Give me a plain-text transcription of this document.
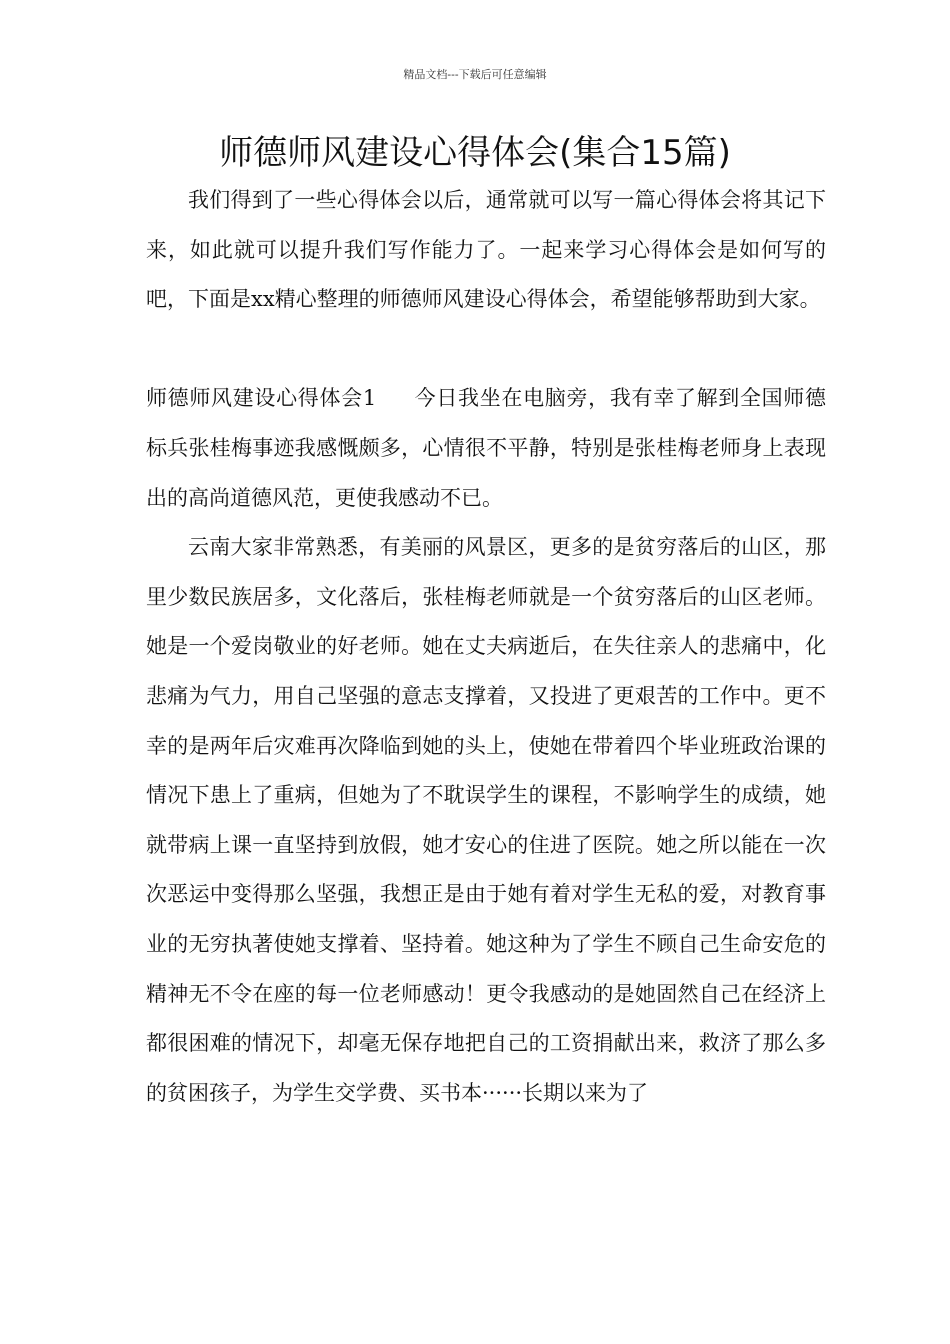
精品文档---下载后可任意编辑
师德师风建设心得体会(集合15篇)

我们得到了一些心得体会以后，通常就可以写一篇心得体会将其记下来，如此就可以提升我们写作能力了。一起来学习心得体会是如何写的吧，下面是xx精心整理的师德师风建设心得体会，希望能够帮助到大家。

师德师风建设心得体会1 今日我坐在电脑旁，我有幸了解到全国师德标兵张桂梅事迹我感慨颇多，心情很不平静，特别是张桂梅老师身上表现出的高尚道德风范，更使我感动不已。

云南大家非常熟悉，有美丽的风景区，更多的是贫穷落后的山区，那里少数民族居多，文化落后，张桂梅老师就是一个贫穷落后的山区老师。她是一个爱岗敬业的好老师。她在丈夫病逝后，在失往亲人的悲痛中，化悲痛为气力，用自己坚强的意志支撑着，又投进了更艰苦的工作中。更不幸的是两年后灾难再次降临到她的头上，使她在带着四个毕业班政治课的情况下患上了重病，但她为了不耽误学生的课程，不影响学生的成绩，她就带病上课一直坚持到放假，她才安心的住进了医院。她之所以能在一次次恶运中变得那么坚强，我想正是由于她有着对学生无私的爱，对教育事业的无穷执著使她支撑着、坚持着。她这种为了学生不顾自己生命安危的精神无不令在座的每一位老师感动！更令我感动的是她固然自己在经济上都很困难的情况下，却毫无保存地把自己的工资捐献出来，救济了那么多的贫困孩子，为学生交学费、买书本······长期以来为了
